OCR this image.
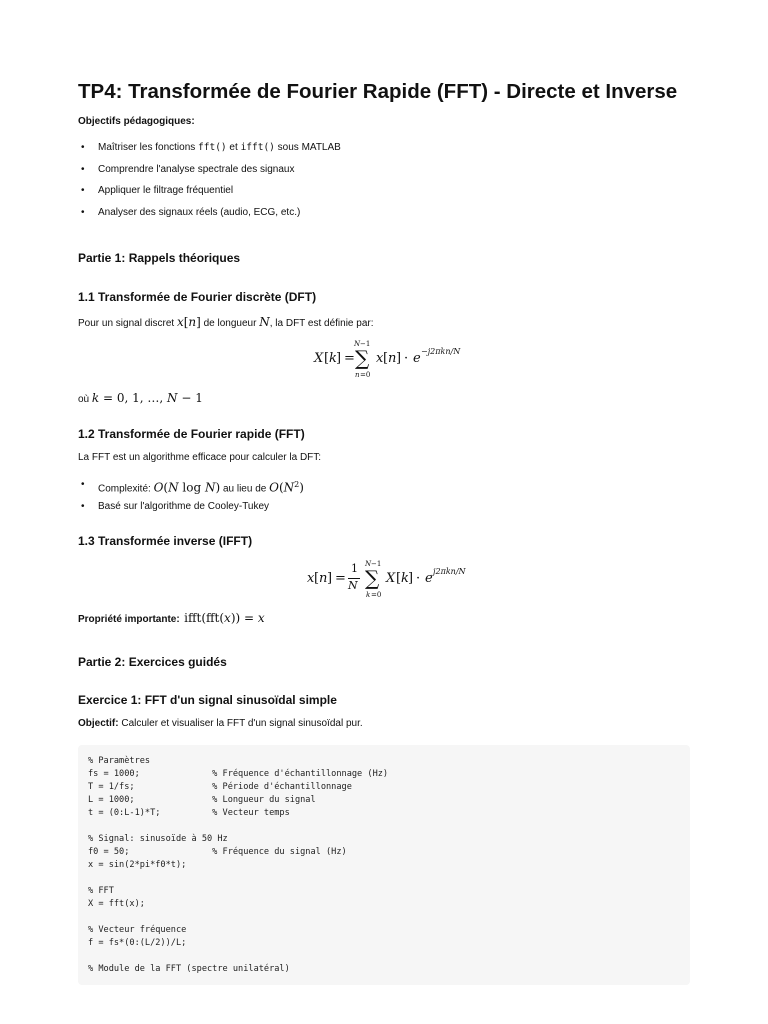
TP4: Transformée de Fourier Rapide (FFT) - Directe et Inverse
Objectifs pédagogiques:
• Maîtriser les fonctions fft() et ifft() sous MATLAB
• Comprendre l'analyse spectrale des signaux
• Appliquer le filtrage fréquentiel
• Analyser des signaux réels (audio, ECG, etc.)
Partie 1: Rappels théoriques
1.1 Transformée de Fourier discrète (DFT)
Pour un signal discret x[n] de longueur N, la DFT est définie par:
X [ k ] =
N −1
∑
n =0
x [ n ] · e −j2πkn/N
où k = 0, 1, …, N − 1
1.2 Transformée de Fourier rapide (FFT)
La FFT est un algorithme efficace pour calculer la DFT:
• Complexité: O(N log N) au lieu de $O(N^2)$
• Basé sur l'algorithme de Cooley-Tukey
1.3 Transformée inverse (IFFT)
x [ n ] =
1
N
N −1
∑
k =0
X [ k ] · e j2πkn/N
Propriété importante: ifft(fft(x)) = x
Partie 2: Exercices guidés
Exercice 1: FFT d'un signal sinusoïdal simple
Objectif: Calculer et visualiser la FFT d'un signal sinusoïdal pur.
% Paramètres
fs = 1000;              % Fréquence d'échantillonnage (Hz)
T = 1/fs;               % Période d'échantillonnage
L = 1000;               % Longueur du signal
t = (0:L-1)*T;          % Vecteur temps

% Signal: sinusoïde à 50 Hz
f0 = 50;                % Fréquence du signal (Hz)
x = sin(2*pi*f0*t);

% FFT
X = fft(x);

% Vecteur fréquence
f = fs*(0:(L/2))/L;

% Module de la FFT (spectre unilatéral)
